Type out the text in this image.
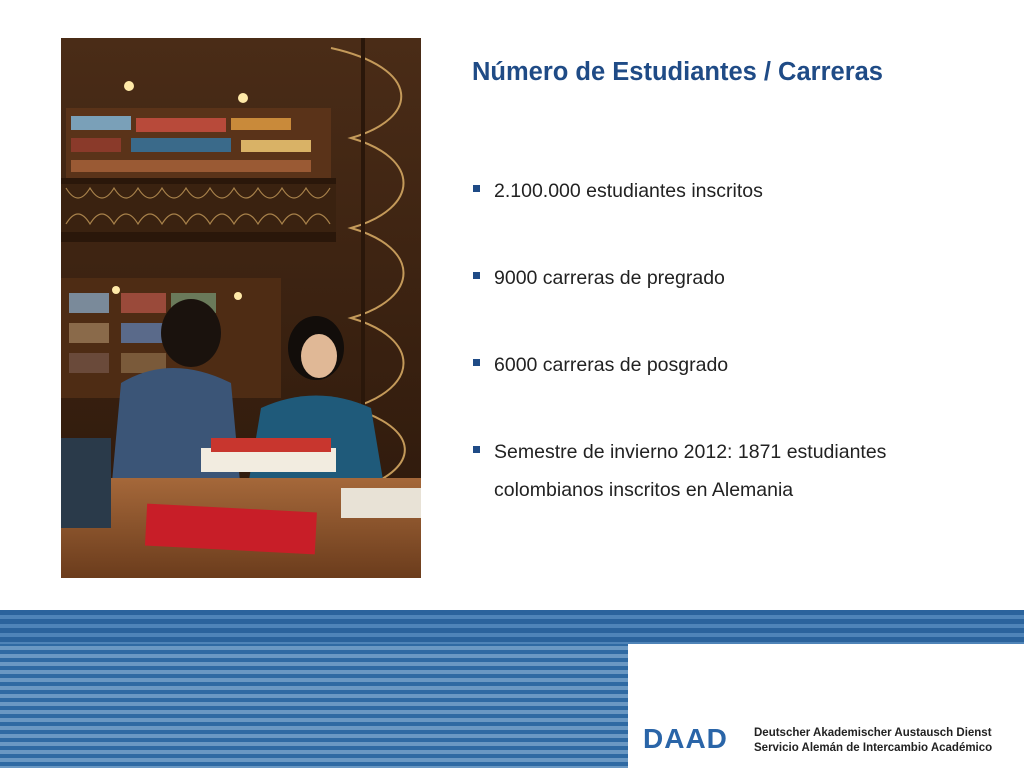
Número de Estudiantes / Carreras
2.100.000 estudiantes inscritos
9000 carreras de pregrado
6000 carreras de posgrado
Semestre de invierno 2012: 1871 estudiantes colombianos inscritos en Alemania
DAAD Deutscher Akademischer Austausch Dienst
Servicio Alemán de Intercambio Académico
